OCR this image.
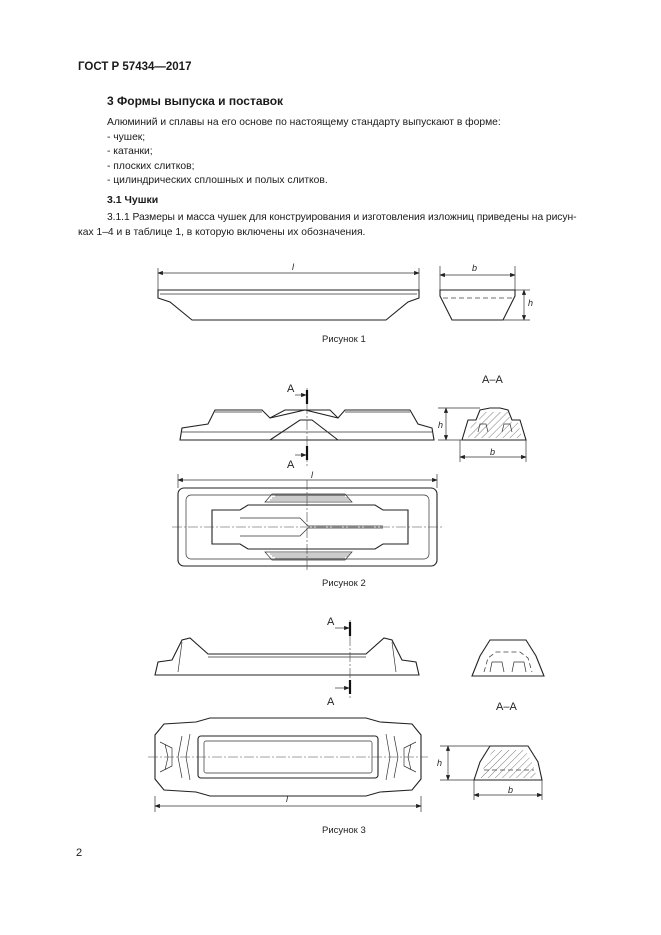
ГОСТ Р 57434—2017
3 Формы выпуска и поставок
Алюминий и сплавы на его основе по настоящему стандарту выпускают в форме:
- чушек;
- катанки;
- плоских слитков;
- цилиндрических сплошных и полых слитков.
3.1 Чушки
3.1.1 Размеры и масса чушек для конструирования и изготовления изложниц приведены на рисун-
ках 1–4 и в таблице 1, в которую включены их обозначения.
l	b
h
Рисунок 1
А
А
l
А–А
h
b
Рисунок 2
А
А
l
А–А
h
b
Рисунок 3
2
